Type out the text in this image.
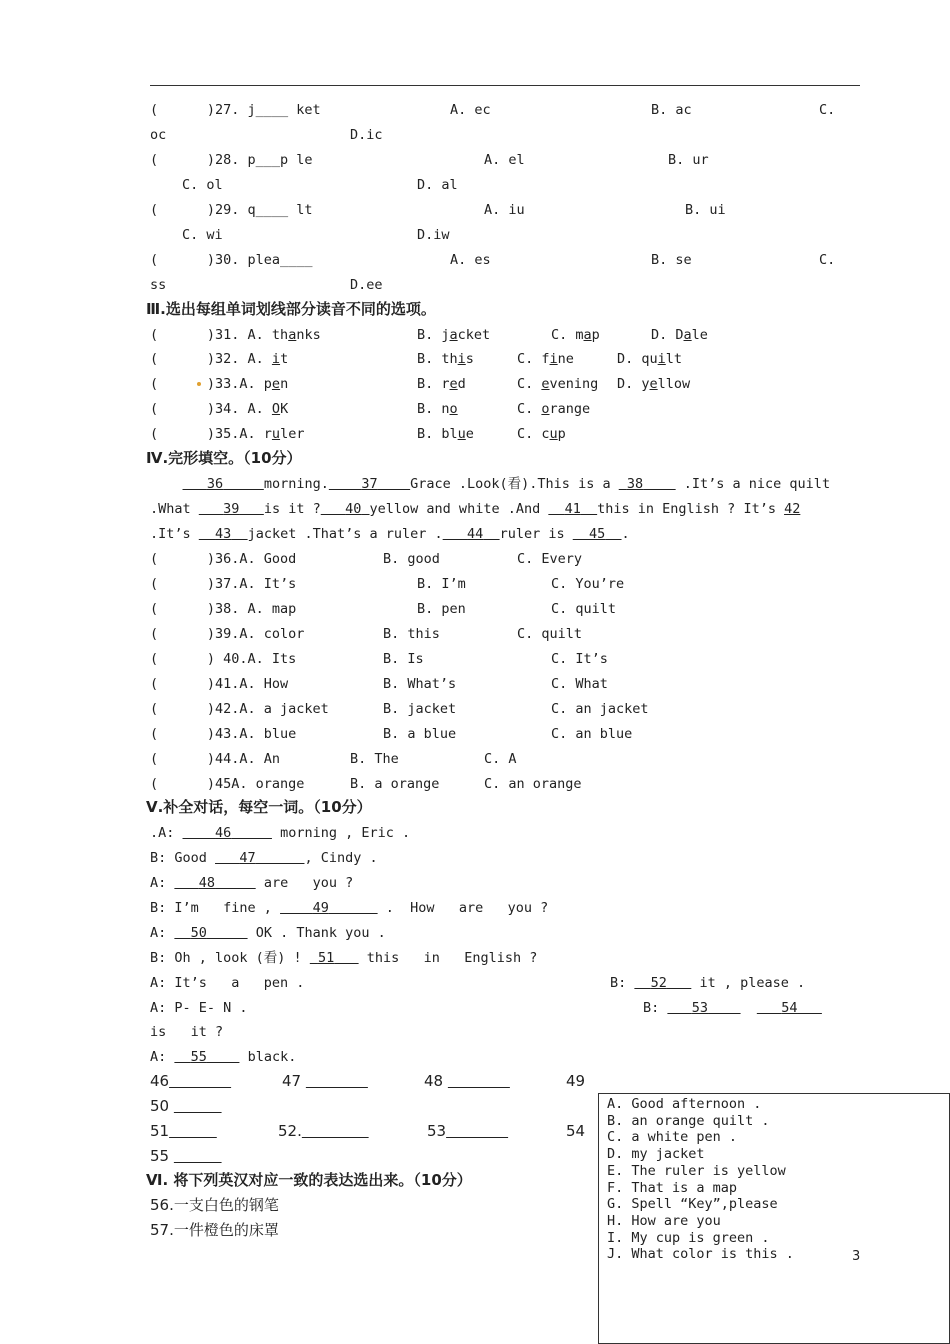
(      )27. j____ ket	A. ec	B. ac	C.
oc	D.ic
(      )28. p___p le	A. el	B. ur
C. ol	D. al
(      )29. q____ lt	A. iu	B. ui
C. wi	D.iw
(      )30. plea____	A. es	B. se	C.
ss	D.ee
Ⅲ.选出每组单词划线部分读音不同的选项。
(      )31. A. thanks	B. jacket	C. map	D. Dale
(      )32. A. it	B. this	C. fine	D. quilt
(      )33.A. pen	B. red	C. evening D. yellow
(      )34. A. OK	B. no	C. orange
(      )35.A. ruler	B. blue	C. cup
Ⅳ.完形填空。（10分）
36	morning. 37 Grace .Look(看).This is a  38     .It’s a nice quilt
.What    39 is it ? 40 yellow and white .And   41 this in English ? It’s 42
.It’s   43 jacket .That’s a ruler . 44 ruler is   45 .
(      )36.A. Good	B. good	C. Every
(      )37.A. It’s	B. I’m	C. You’re
(      )38. A. map	B. pen	C. quilt
(      )39.A. color	B. this	C. quilt
(      ) 40.A. Its	B. Is	C. It’s
(      )41.A. How	B. What’s	C. What
(      )42.A. a jacket	B. jacket	C. an jacket
(      )43.A. blue	B. a blue	C. an blue
(      )44.A. An	B. The	C. A
(      )45A. orange	B. a orange	C. an orange
Ⅴ.补全对话，每空一词。（10分）
.A:     46	morning , Eric .
B: Good    47	, Cindy .
A:    48	are   you ?
B: I’m   fine ,     49	.  How   are   you ?
A:   50	OK . Thank you .
B: Oh , look (看) !  51    this   in   English ?
A: It’s   a   pen .	B:   52    it , please .
A: P- E- N .	B:    53	54
is   it ?
A:   55     black.
46	47	48	49
50
51	52.	53	54
55
Ⅵ. 将下列英汉对应一致的表达选出来。（10分）
56.一支白色的钢笔
57.一件橙色的床罩
A. Good afternoon .
B. an orange quilt .
C. a white pen .
D. my jacket
E. The ruler is yellow
F. That is a map
G. Spell “Key”,please
H. How are you
I. My cup is green .
J. What color is this .	3
